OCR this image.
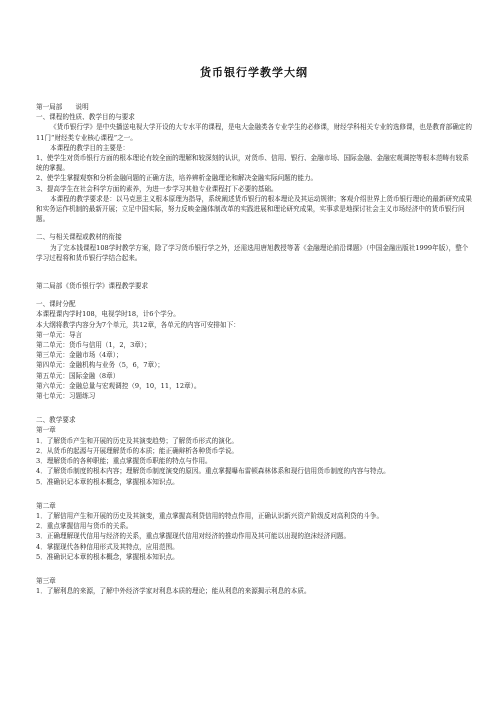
货币银行学教学大纲

第一局部　　说明

一、课程的性质、教学目的与要求

《货币银行学》是中央播送电视大学开设的大专水平的课程，是电大金融类各专业学生的必修课，财经学科相关专业的选修课，也是教育部确定的11门“财经类专业核心课程”之一。

本课程的教学目的主要是：

1、使学生对货币银行方面的根本理论有较全面的理解和较深刻的认识，对货币、信用、银行、金融市场、国际金融、金融宏观调控等根本范畴有较系统的掌握。

2、使学生掌握观察和分析金融问题的正确方法，培养辨析金融理论和解决金融实际问题的能力。

3、提高学生在社会科学方面的素养，为进一步学习其他专业课程打下必要的基础。

本课程的教学要求是：以马克思主义根本原理为指导，系统阐述货币银行的根本理论及其运动规律；客观介绍世界上货币银行理论的最新研究成果和实务运作机制的最新开展；立足中国实际，努力反映金融体制改革的实践进展和理论研究成果，实事求是地探讨社会主义市场经济中的货币银行问题。

二、与相关课程或教材的衔接

为了完本钱课程108学时教学方案，除了学习货币银行学之外，还需选用唐旭教授等著《金融理论前沿课题》（中国金融出版社1999年版），整个学习过程将和货币银行学结合起来。

第二局部《货币银行学》课程教学要求

一、课时分配

本课程课内学时108，电视学时18，计6个学分。

本大纲将教学内容分为7个单元，共12章，各单元的内容可安排如下：

第一单元：导言

第二单元：货币与信用（1，2，3章）；

第三单元：金融市场（4章）；

第四单元：金融机构与业务（5，6，7章）；

第五单元：国际金融（8章）

第六单元：金融总量与宏观调控（9，10，11，12章）。

第七单元：习题练习

二、教学要求

第一章

1．了解货币产生和开展的历史及其演变趋势；了解货币形式的演化。

2．从货币的起源与开展理解货币的本质；能正确辩析各种货币学说。

3．理解货币的各种职能；重点掌握货币职能的特点与作用。

4．了解货币制度的根本内容；理解货币制度演变的原因。重点掌握曝布雷顿森林体系和现行信用货币制度的内容与特点。

5．准确识记本章的根本概念，掌握根本知识点。

第二章

1．了解信用产生和开展的历史及其演变，重点掌握高利贷信用的特点作用，正确认识新兴资产阶级反对高利贷的斗争。

2．重点掌握信用与货币的关系。

3．正确理解现代信用与经济的关系，重点掌握现代信用对经济的推动作用及其可能以出现的泡沫经济问题。

4．掌握现代各种信用形式及其特点，应用范围。

5．准确识记本章的根本概念，掌握根本知识点。

第三章

1．了解利息的来源，了解中外经济学家对利息本质的理论；能从利息的来源揭示利息的本质。
